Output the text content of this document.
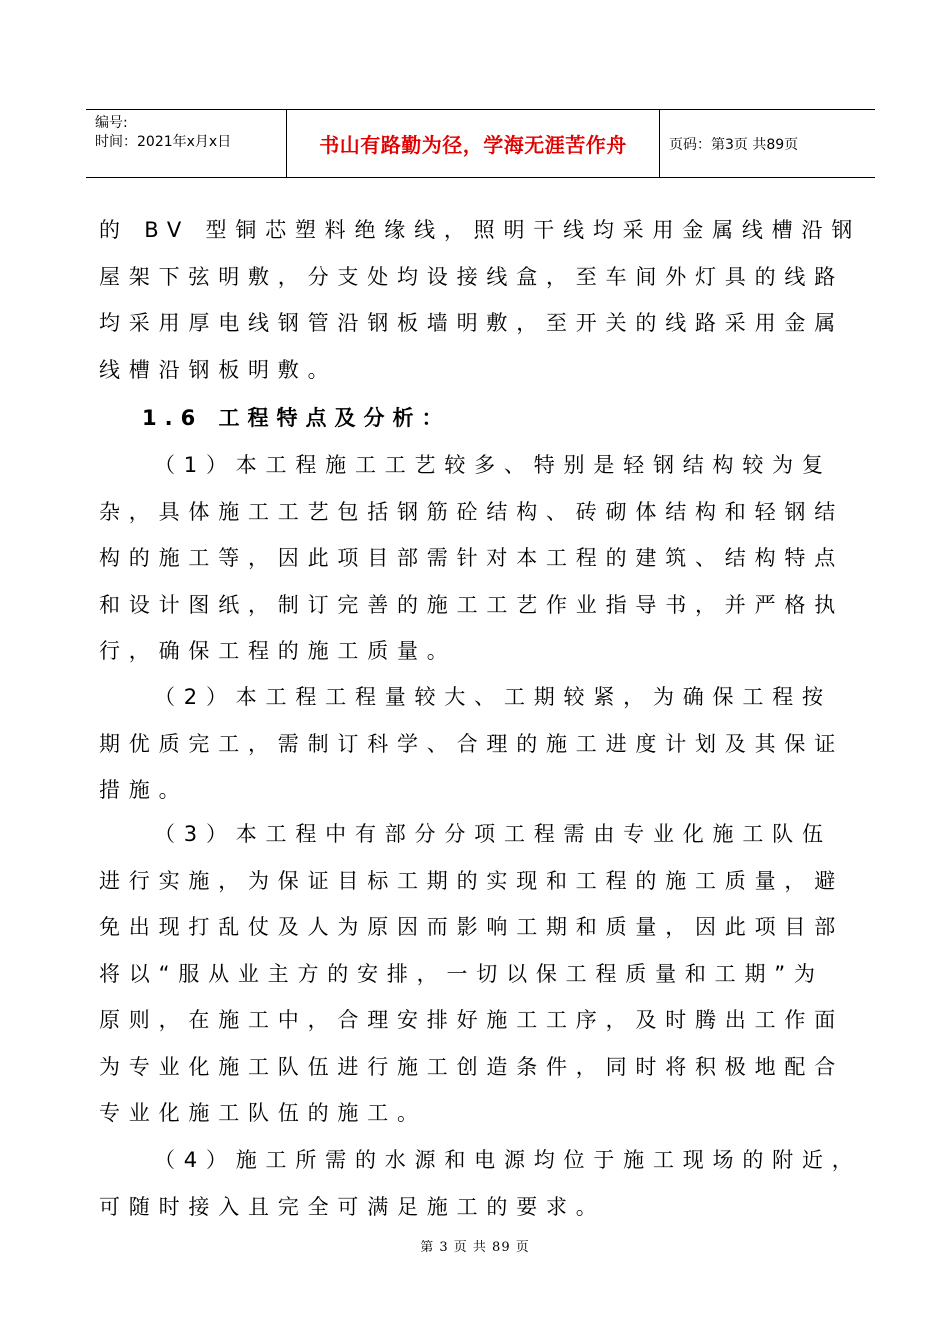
编号:
时间：2021年x月x日	书山有路勤为径，学海无涯苦作舟	页码：第3页 共89页
的 BV 型铜芯塑料绝缘线，照明干线均采用金属线槽沿钢
屋架下弦明敷，分支处均设接线盒，至车间外灯具的线路
均采用厚电线钢管沿钢板墙明敷，至开关的线路采用金属
线槽沿钢板明敷。
1.6 工程特点及分析：
（1）本工程施工工艺较多、特别是轻钢结构较为复
杂，具体施工工艺包括钢筋砼结构、砖砌体结构和轻钢结
构的施工等，因此项目部需针对本工程的建筑、结构特点
和设计图纸，制订完善的施工工艺作业指导书，并严格执
行，确保工程的施工质量。
（2）本工程工程量较大、工期较紧，为确保工程按
期优质完工，需制订科学、合理的施工进度计划及其保证
措施。
（3）本工程中有部分分项工程需由专业化施工队伍
进行实施，为保证目标工期的实现和工程的施工质量，避
免出现打乱仗及人为原因而影响工期和质量，因此项目部
将以“服从业主方的安排，一切以保工程质量和工期”为
原则，在施工中，合理安排好施工工序，及时腾出工作面
为专业化施工队伍进行施工创造条件，同时将积极地配合
专业化施工队伍的施工。
（4）施工所需的水源和电源均位于施工现场的附近，
可随时接入且完全可满足施工的要求。
第 3 页 共 89 页
